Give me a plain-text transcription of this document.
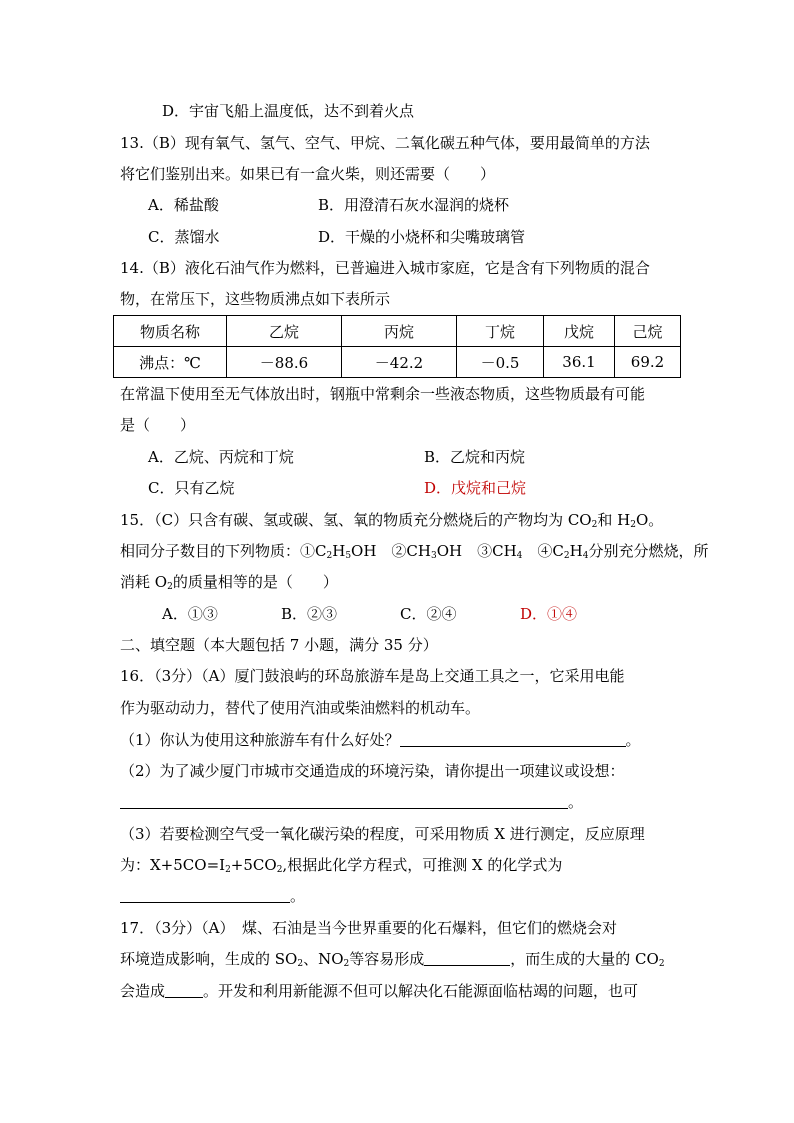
D．宇宙飞船上温度低，达不到着火点
13.（B）现有氧气、氢气、空气、甲烷、二氧化碳五种气体，要用最简单的方法
将它们鉴别出来。如果已有一盒火柴，则还需要（　　）
A．稀盐酸	B．用澄清石灰水湿润的烧杯
C．蒸馏水	D．干燥的小烧杯和尖嘴玻璃管
14.（B）液化石油气作为燃料，已普遍进入城市家庭，它是含有下列物质的混合
物，在常压下，这些物质沸点如下表所示
物质名称	乙烷	丙烷	丁烷	戊烷	己烷
沸点：℃	－88.6	－42.2	－0.5	36.1	69.2
在常温下使用至无气体放出时，钢瓶中常剩余一些液态物质，这些物质最有可能
是（　　）
A．乙烷、丙烷和丁烷	B．乙烷和丙烷
C．只有乙烷	D．戊烷和己烷
15．（C）只含有碳、氢或碳、氢、氧的物质充分燃烧后的产物均为 $CO_2$和 $H_2O$。
相同分子数目的下列物质：$①C_2H_5OH$　$②CH_3OH$　$③CH_4$　$④C_2H_4$分别充分燃烧，所
消耗 $O_2$的质量相等的是（　　）
A．①③	B．②③	C．②④	D．①④
二、填空题（本大题包括 7 小题，满分 35 分）
16．（3分）（A）厦门鼓浪屿的环岛旅游车是岛上交通工具之一，它采用电能
作为驱动动力，替代了使用汽油或柴油燃料的机动车。
（1）你认为使用这种旅游车有什么好处？	。
（2）为了减少厦门市城市交通造成的环境污染，请你提出一项建议或设想：
。
（3）若要检测空气受一氧化碳污染的程度，可采用物质 X 进行测定，反应原理
为：$X+5CO=I_2+5CO_2$,根据此化学方程式，可推测 X 的化学式为
。
17．（3分）（A）　煤、石油是当今世界重要的化石爆料，但它们的燃烧会对
环境造成影响，生成的 $SO_2$、$NO_2$等容易形成	，而生成的大量的 $CO_2$
会造成	。开发和利用新能源不但可以解决化石能源面临枯竭的问题，也可
